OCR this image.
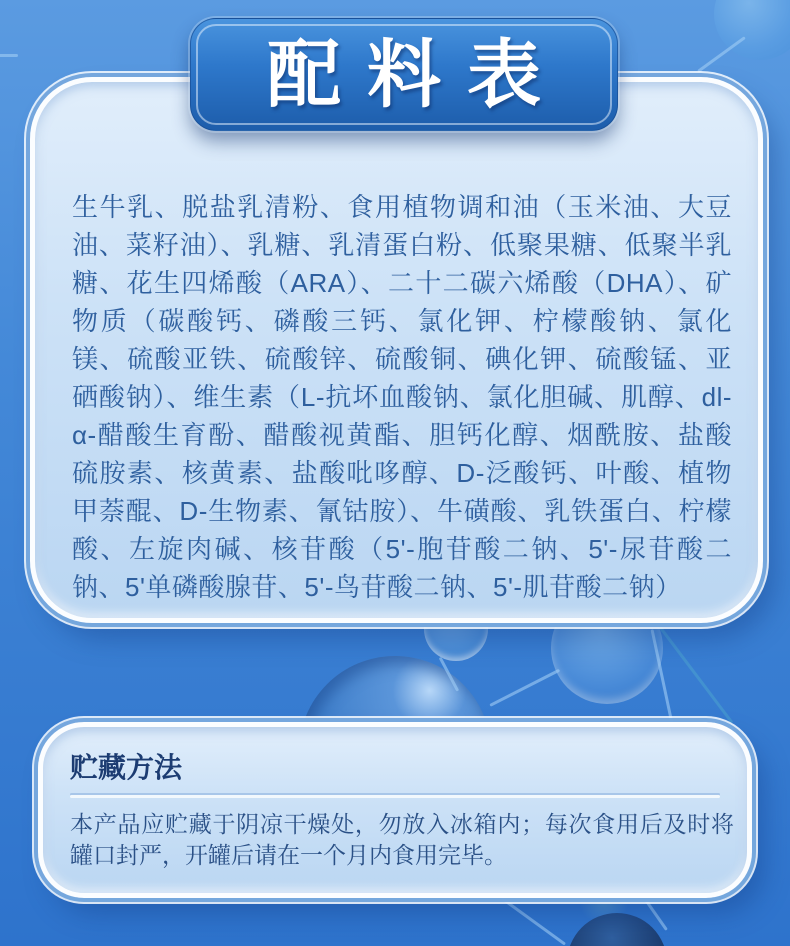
生牛乳、脱盐乳清粉、食用植物调和油（玉米油、大豆油、菜籽油）、乳糖、乳清蛋白粉、低聚果糖、低聚半乳糖、花生四烯酸（ARA）、二十二碳六烯酸（DHA）、矿物质（碳酸钙、磷酸三钙、氯化钾、柠檬酸钠、氯化镁、硫酸亚铁、硫酸锌、硫酸铜、碘化钾、硫酸锰、亚硒酸钠）、维生素（L-抗坏血酸钠、氯化胆碱、肌醇、dl-α-醋酸生育酚、醋酸视黄酯、胆钙化醇、烟酰胺、盐酸硫胺素、核黄素、盐酸吡哆醇、D-泛酸钙、叶酸、植物甲萘醌、D-生物素、氰钴胺）、牛磺酸、乳铁蛋白、柠檬酸、左旋肉碱、核苷酸（5'-胞苷酸二钠、5'-尿苷酸二钠、5'单磷酸腺苷、5'-鸟苷酸二钠、5'-肌苷酸二钠）

配料表
贮藏方法

本产品应贮藏于阴凉干燥处，勿放入冰箱内；每次食用后及时将罐口封严，开罐后请在一个月内食用完毕。
